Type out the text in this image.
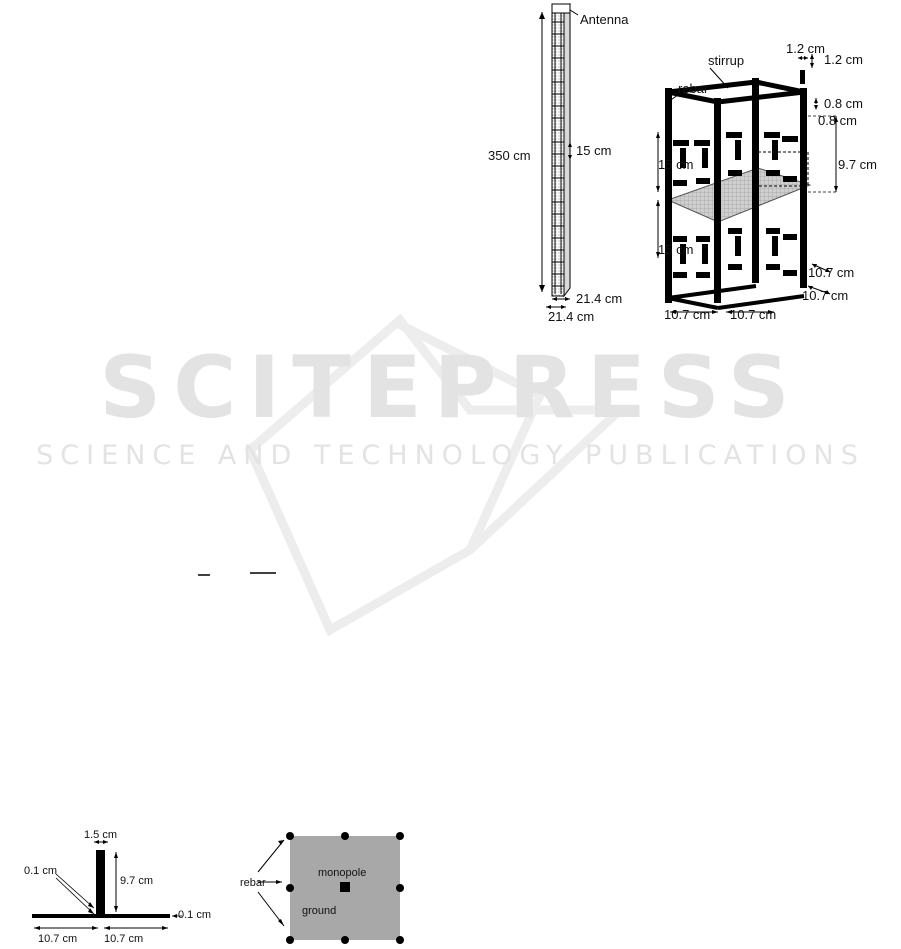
SCITEPRESS
SCIENCE AND TECHNOLOGY PUBLICATIONS
Antenna
350 cm	15 cm
21.4 cm
21.4 cm
stirrup
rebar
1.2 cm
1.2 cm
0.8 cm
0.8 cm
9.7 cm
15 cm
15 cm
10.7 cm
10.7 cm
10.7 cm 10.7 cm
1.5 cm
0.1 cm
9.7 cm
0.1 cm
10.7 cm 10.7 cm
rebar
monopole
ground
